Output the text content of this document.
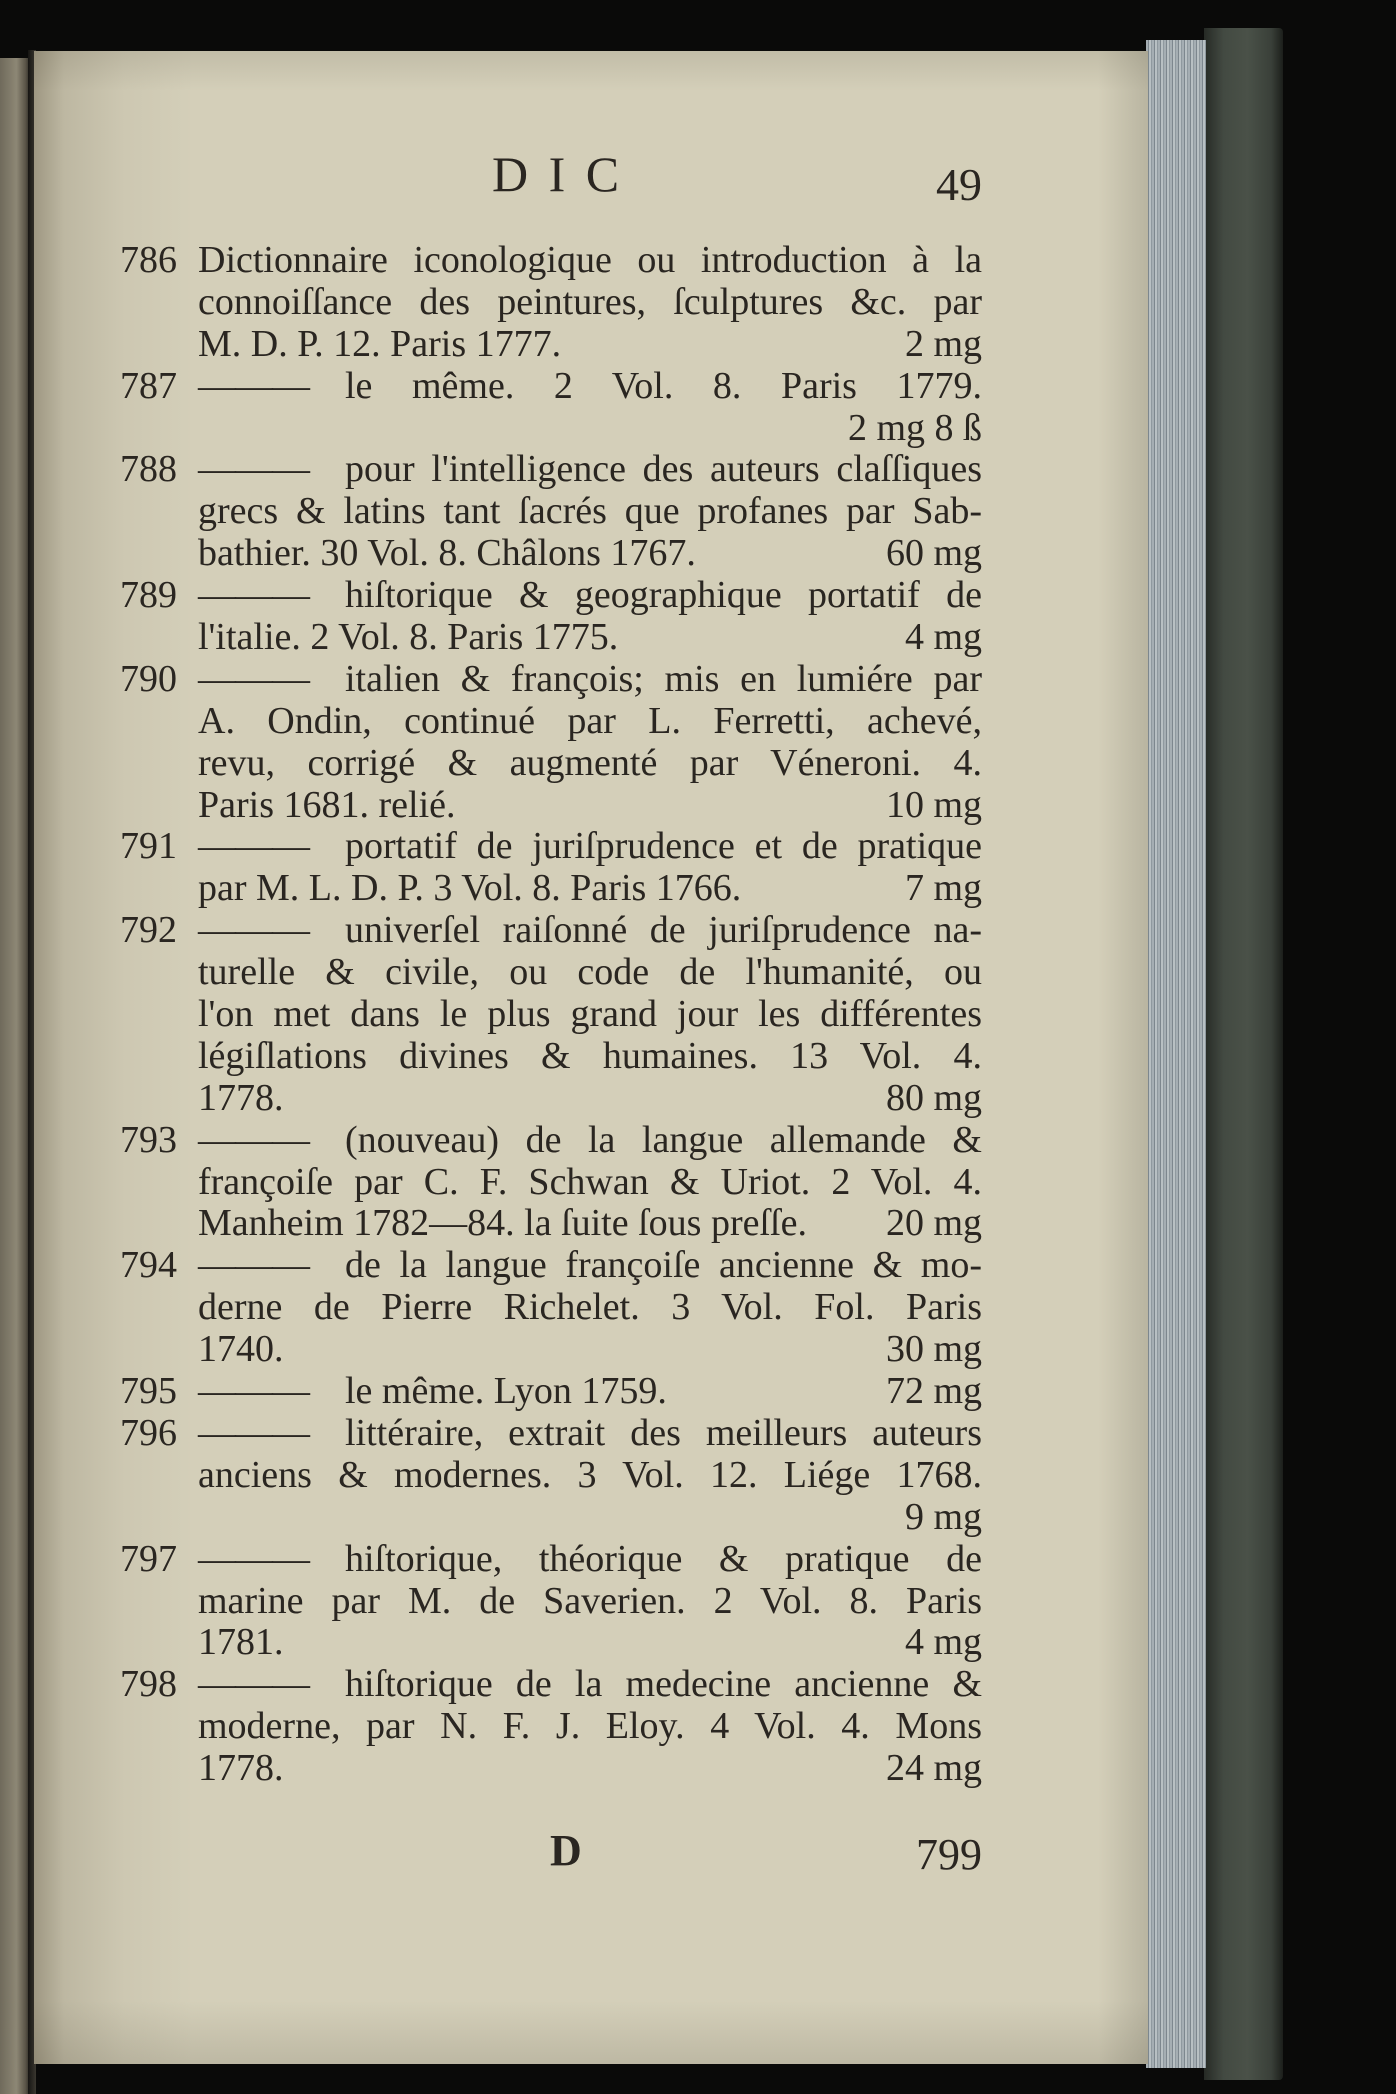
D I C	49
786 Dictionnaire iconologique ou introduction à la
connoiſſance des peintures, ſculptures &c. par
M. D. P. 12. Paris 1777.	2 mg
787 ——— le même. 2 Vol. 8. Paris 1779.
2 mg 8 ß
788 ——— pour l'intelligence des auteurs claſſiques
grecs & latins tant ſacrés que profanes par Sab-
bathier. 30 Vol. 8. Châlons 1767.	60 mg
789 ——— hiſtorique & geographique portatif de
l'italie. 2 Vol. 8. Paris 1775.	4 mg
790 ——— italien & françois; mis en lumiére par
A. Ondin, continué par L. Ferretti, achevé,
revu, corrigé & augmenté par Véneroni. 4.
Paris 1681. relié.	10 mg
791 ——— portatif de juriſprudence et de pratique
par M. L. D. P. 3 Vol. 8. Paris 1766.	7 mg
792 ——— univerſel raiſonné de juriſprudence na-
turelle & civile, ou code de l'humanité, ou
l'on met dans le plus grand jour les différentes
légiſlations divines & humaines. 13 Vol. 4.
1778.	80 mg
793 ——— (nouveau) de la langue allemande &
françoiſe par C. F. Schwan & Uriot. 2 Vol. 4.
Manheim 1782—84. la ſuite ſous preſſe. 20 mg
794 ——— de la langue françoiſe ancienne & mo-
derne de Pierre Richelet. 3 Vol. Fol. Paris
1740.	30 mg
795 ——— le même. Lyon 1759.	72 mg
796 ——— littéraire, extrait des meilleurs auteurs
anciens & modernes. 3 Vol. 12. Liége 1768.
9 mg
797 ——— hiſtorique, théorique & pratique de
marine par M. de Saverien. 2 Vol. 8. Paris
1781.	4 mg
798 ——— hiſtorique de la medecine ancienne &
moderne, par N. F. J. Eloy. 4 Vol. 4. Mons
1778.	24 mg
D	799
